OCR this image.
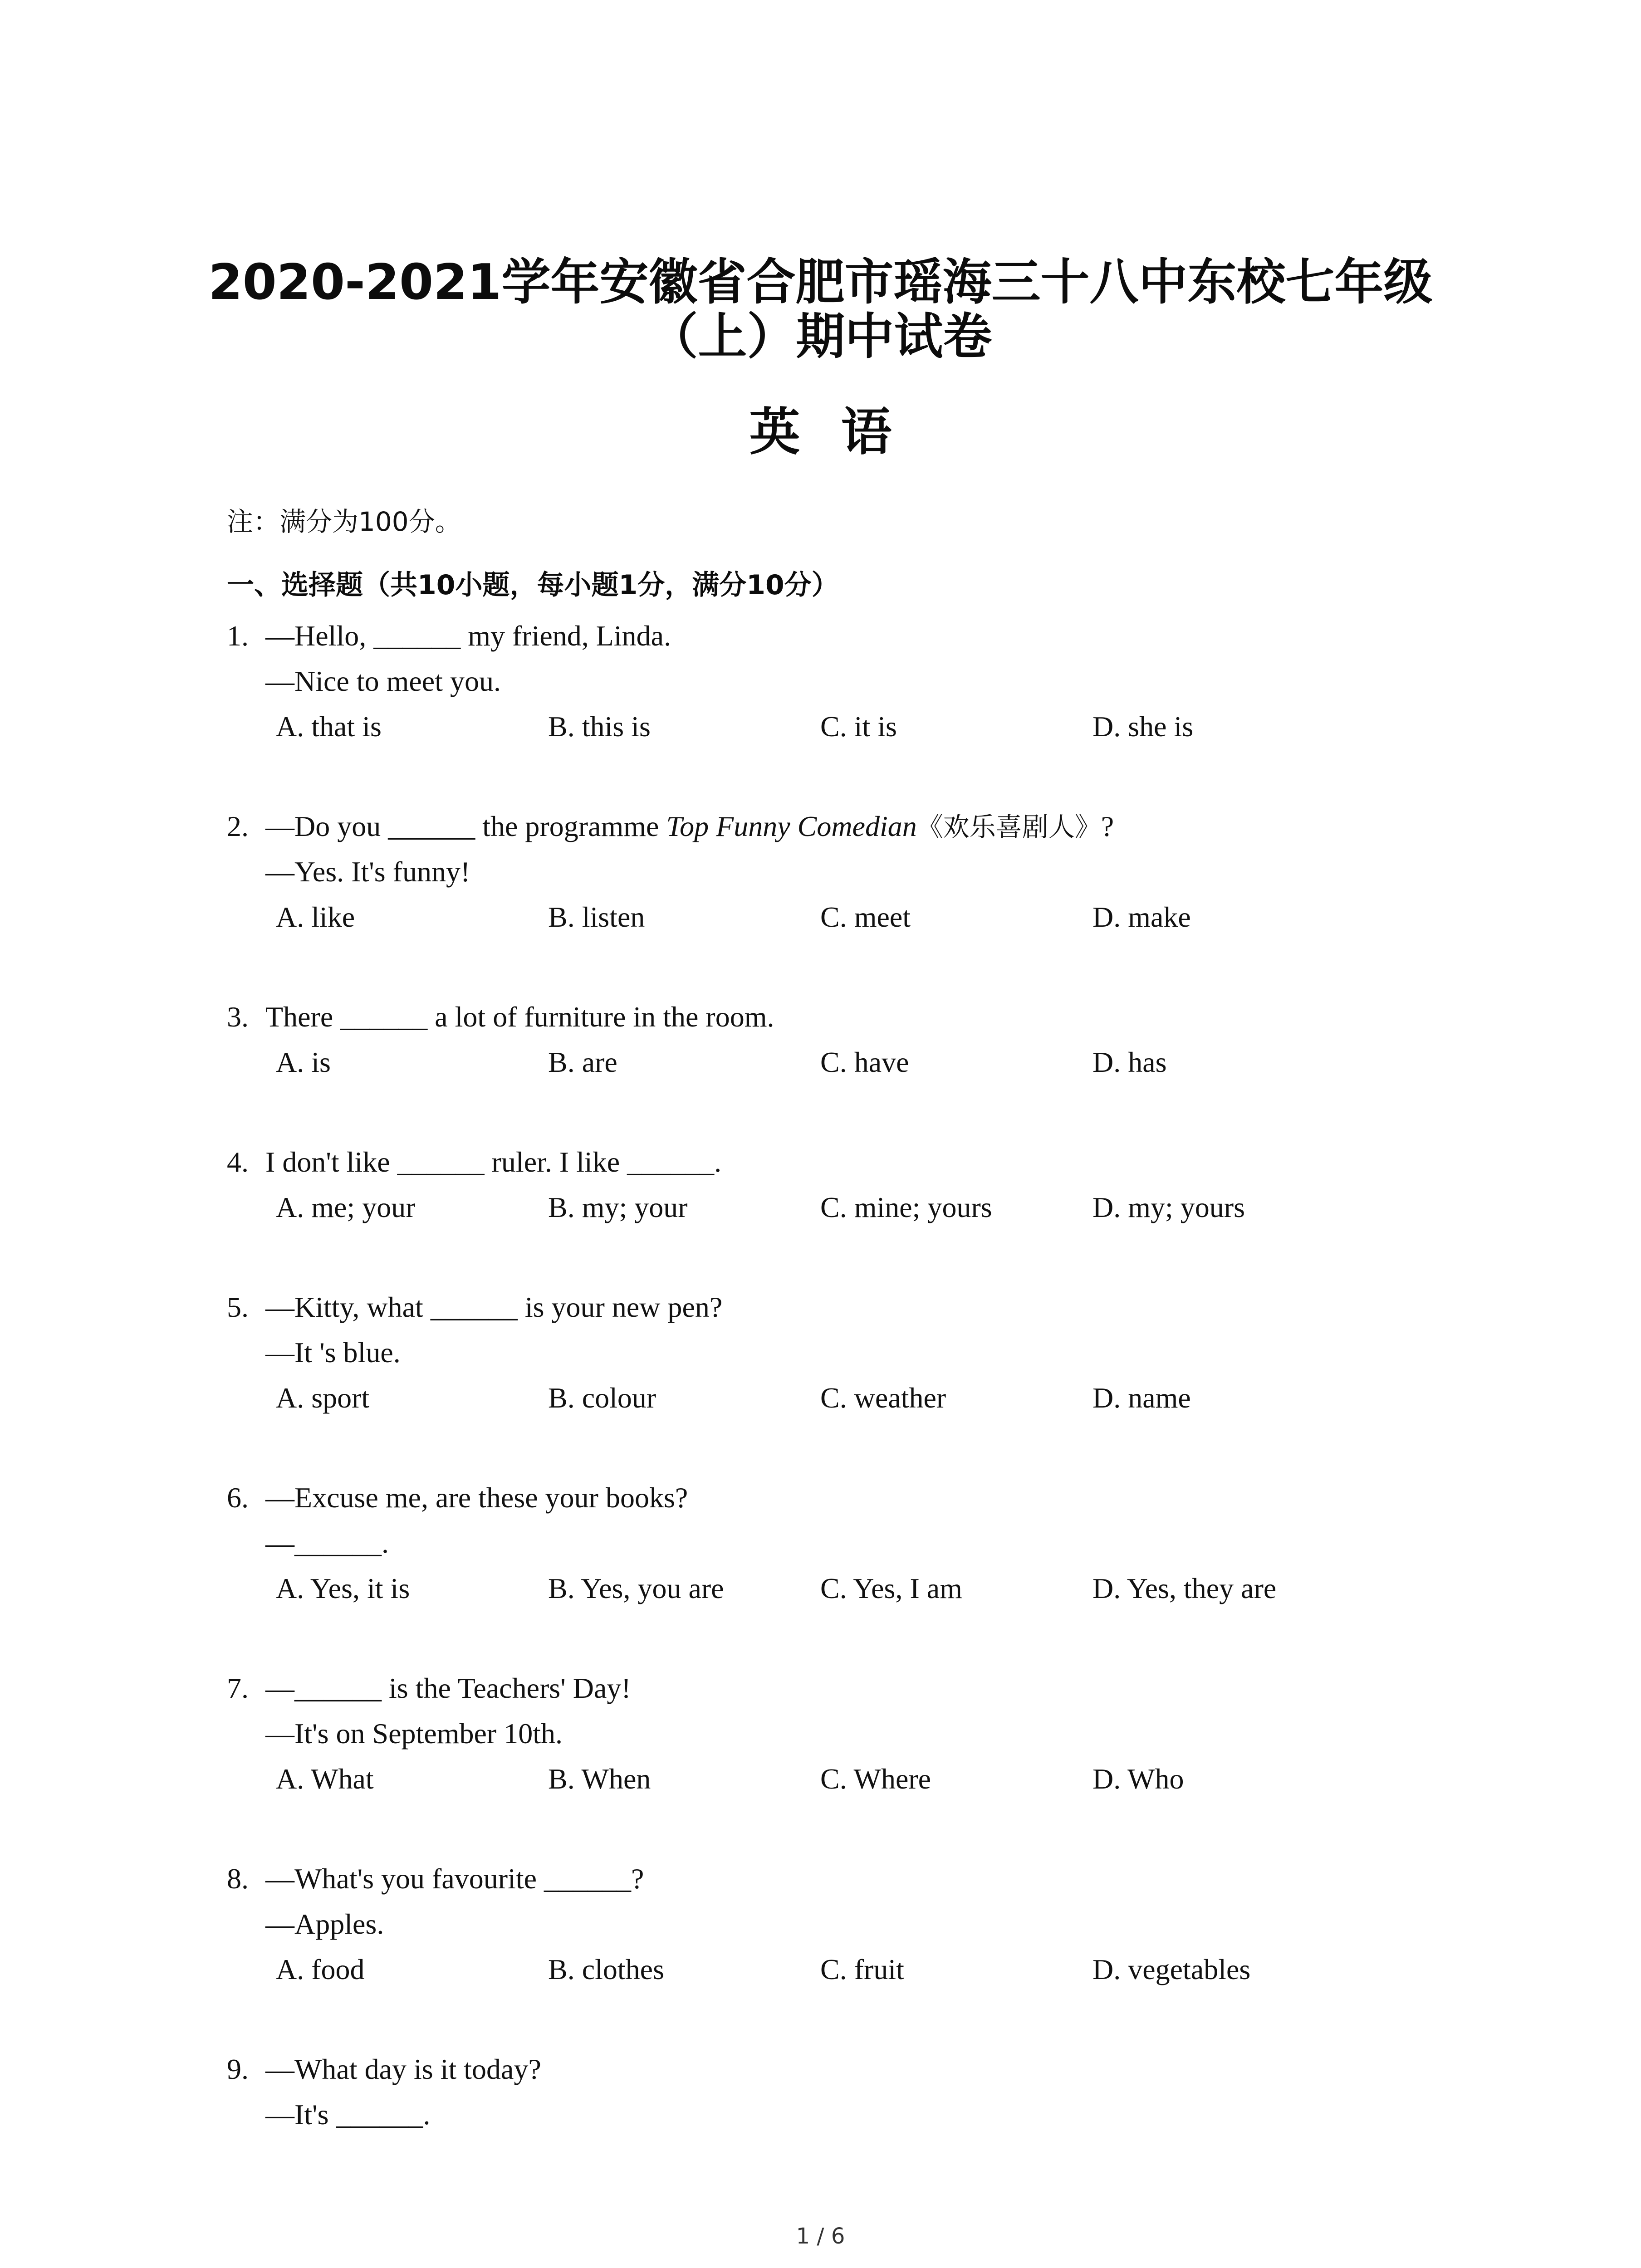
2020-2021学年安徽省合肥市瑶海三十八中东校七年级
（上）期中试卷
英语
注：满分为100分。
一、选择题（共10小题，每小题1分，满分10分）
1. —Hello, ______ my friend, Linda.
—Nice to meet you.
A. that is	B. this is	C. it is	D. she is
2. —Do you ______ the programme Top Funny Comedian《欢乐喜剧人》?
—Yes. It's funny!
A. like	B. listen	C. meet	D. make
3. There ______ a lot of furniture in the room.
A. is	B. are	C. have	D. has
4. I don't like ______ ruler. I like ______.
A. me; your	B. my; your	C. mine; yours	D. my; yours
5. —Kitty, what ______ is your new pen?
—It 's blue.
A. sport	B. colour	C. weather	D. name
6. —Excuse me, are these your books?
—______.
A. Yes, it is	B. Yes, you are	C. Yes, I am	D. Yes, they are
7. —______ is the Teachers' Day!
—It's on September 10th.
A. What	B. When	C. Where	D. Who
8. —What's you favourite ______?
—Apples.
A. food	B. clothes	C. fruit	D. vegetables
9. —What day is it today?
—It's ______.
1 / 6
